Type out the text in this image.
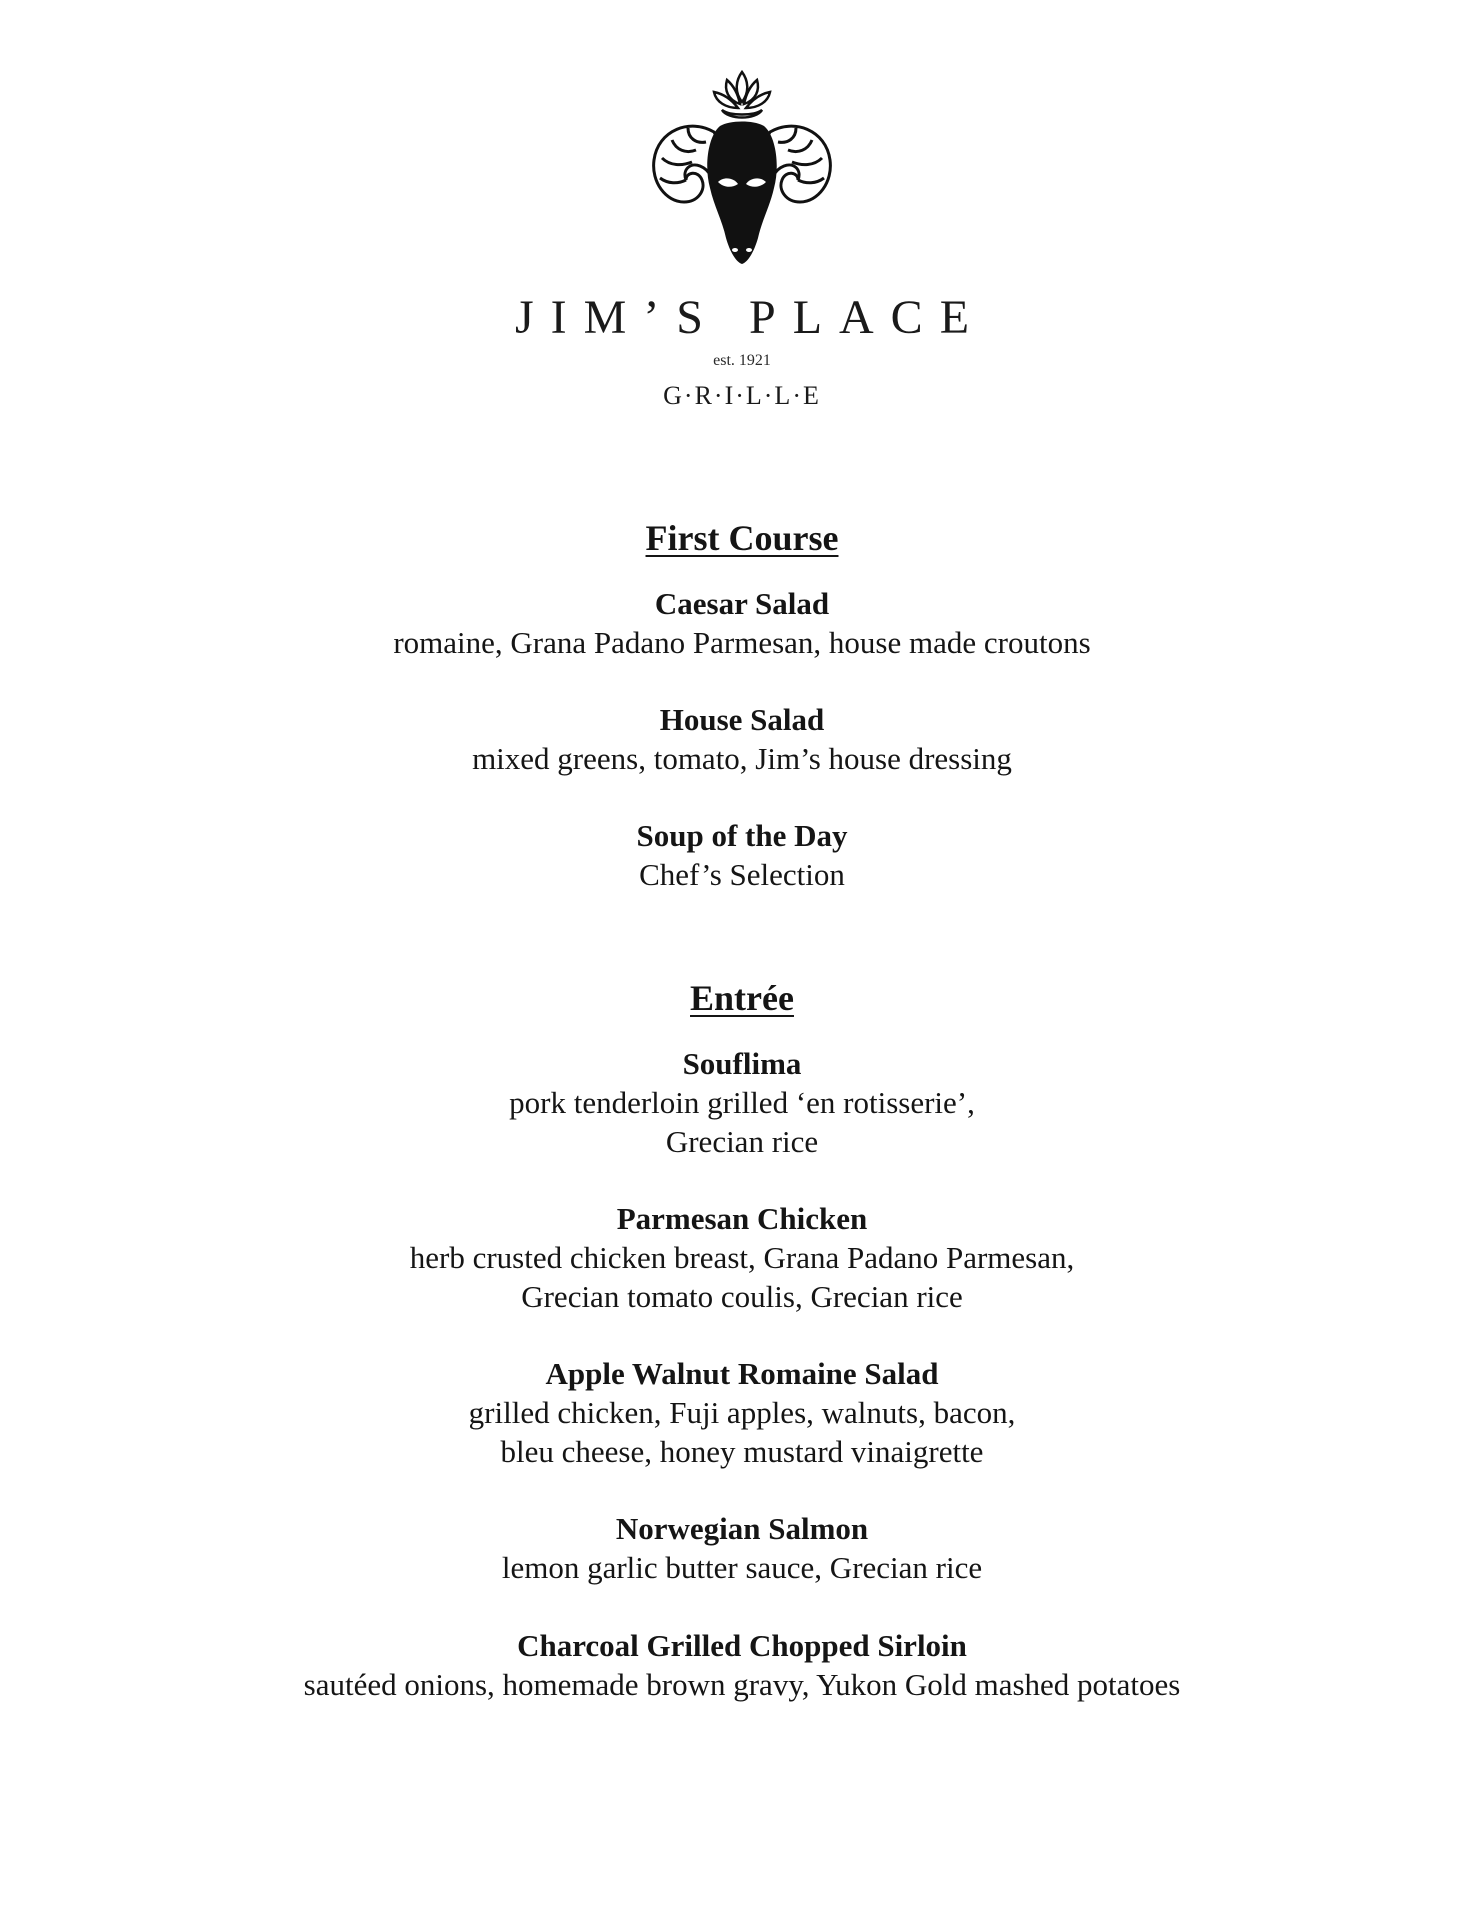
JIM’S PLACE
est. 1921
G·R·I·L·L·E
First Course
Caesar Salad
romaine, Grana Padano Parmesan, house made croutons
House Salad
mixed greens, tomato, Jim’s house dressing
Soup of the Day
Chef’s Selection
Entrée
Souflima
pork tenderloin grilled ‘en rotisserie’,
Grecian rice
Parmesan Chicken
herb crusted chicken breast, Grana Padano Parmesan,
Grecian tomato coulis, Grecian rice
Apple Walnut Romaine Salad
grilled chicken, Fuji apples, walnuts, bacon,
bleu cheese, honey mustard vinaigrette
Norwegian Salmon
lemon garlic butter sauce, Grecian rice
Charcoal Grilled Chopped Sirloin
sautéed onions, homemade brown gravy, Yukon Gold mashed potatoes
